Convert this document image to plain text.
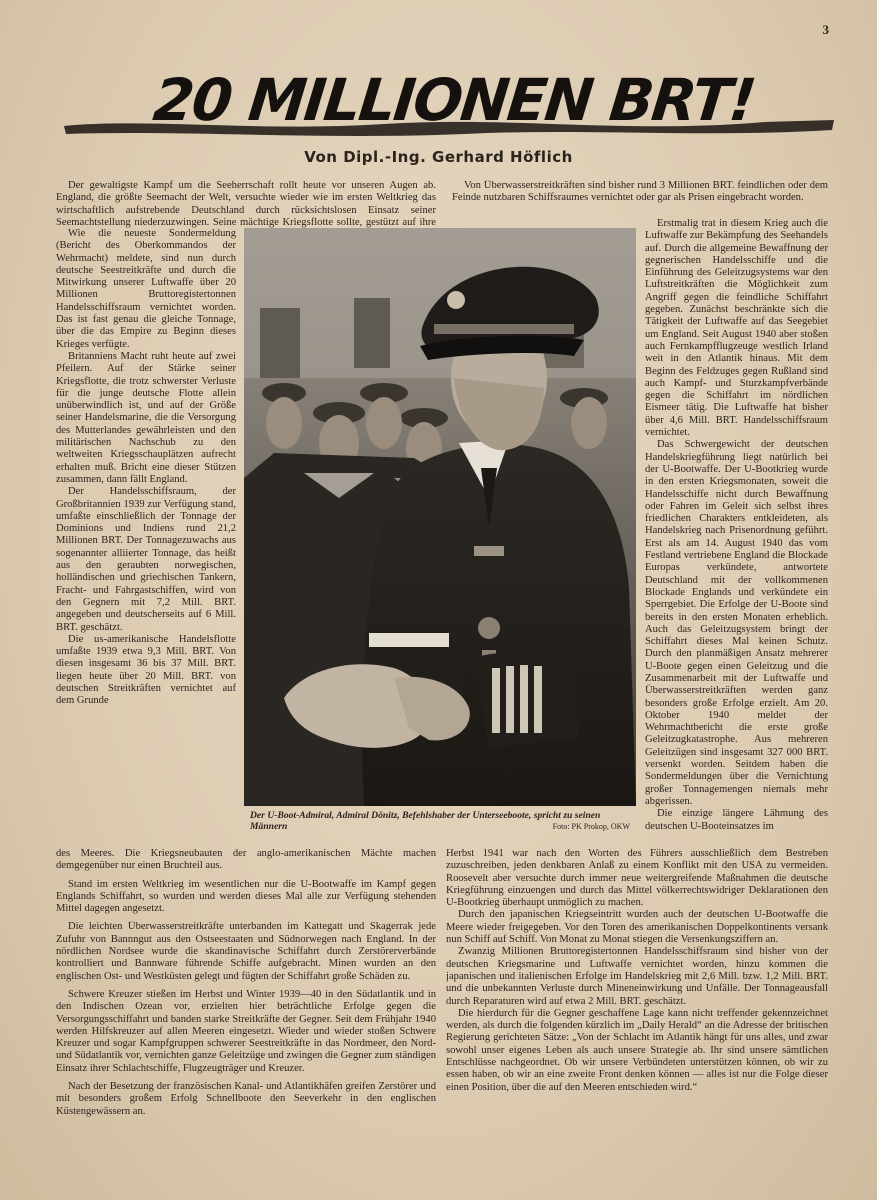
3
20 MILLIONEN BRT!
Von Dipl.-Ing. Gerhard Höflich

Der gewaltigste Kampf um die Seeherrschaft rollt heute vor unseren Augen ab. England, die größte Seemacht der Welt, versuchte wieder wie im ersten Weltkrieg das wirtschaftlich aufstrebende Deutschland durch rücksichtslosen Einsatz seiner Seemachtstellung niederzuzwingen. Seine mächtige Kriegsflotte sollte, gestützt auf ihre

Von Überwasserstreitkräften sind bisher rund 3 Millionen BRT. feindlichen oder dem Feinde nutzbaren Schiffsraumes vernichtet oder gar als Prisen eingebracht worden.

Wie die neueste Sondermeldung (Bericht des Oberkommandos der Wehrmacht) meldete, sind nun durch deutsche Seestreitkräfte und durch die Mitwirkung unserer Luftwaffe über 20 Millionen Bruttoregistertonnen Handelsschiffsraum vernichtet worden. Das ist fast genau die gleiche Tonnage, über die das Empire zu Beginn dieses Krieges verfügte.

Britanniens Macht ruht heute auf zwei Pfeilern. Auf der Stärke seiner Kriegsflotte, die trotz schwerster Verluste für die junge deutsche Flotte allein unüberwindlich ist, und auf der Größe seiner Handelsmarine, die die Versorgung des Mutterlandes gewährleisten und den militärischen Nachschub zu den weltweiten Kriegsschauplätzen aufrecht erhalten muß. Bricht eine dieser Stützen zusammen, dann fällt England.

Der Handelsschiffsraum, der Großbritannien 1939 zur Verfügung stand, umfaßte einschließlich der Tonnage der Dominions und Indiens rund 21,2 Millionen BRT. Der Tonnagezuwachs aus sogenannter alliierter Tonnage, das heißt aus den geraubten norwegischen, holländischen und griechischen Tankern, Fracht- und Fahrgastschiffen, wird von den Gegnern mit 7,2 Mill. BRT. angegeben und deutscherseits auf 6 Mill. BRT. geschätzt.

Die us-amerikanische Handelsflotte umfaßte 1939 etwa 9,3 Mill. BRT. Von diesen insgesamt 36 bis 37 Mill. BRT. liegen heute über 20 Mill. BRT. von deutschen Streitkräften vernichtet auf dem Grunde

Der U-Boot-Admiral, Admiral Dönitz, Befehlshaber der Unterseeboote, spricht zu seinen Männern	Foto: PK Prokop, OKW

Erstmalig trat in diesem Krieg auch die Luftwaffe zur Bekämpfung des Seehandels auf. Durch die allgemeine Bewaffnung der gegnerischen Handelsschiffe und die Einführung des Geleitzugsystems war den Luftstreitkräften die Möglichkeit zum Angriff gegen die feindliche Schiffahrt gegeben. Zunächst beschränkte sich die Tätigkeit der Luftwaffe auf das Seegebiet um England. Seit August 1940 aber stoßen auch Fernkampfflugzeuge westlich Irland weit in den Atlantik hinaus. Mit dem Beginn des Feldzuges gegen Rußland sind auch Kampf- und Sturzkampfverbände gegen die Schiffahrt im nördlichen Eismeer tätig. Die Luftwaffe hat bisher über 4,6 Mill. BRT. Handelsschiffsraum vernichtet.

Das Schwergewicht der deutschen Handelskriegführung liegt natürlich bei der U-Bootwaffe. Der U-Bootkrieg wurde in den ersten Kriegsmonaten, soweit die Handelsschiffe nicht durch Bewaffnung oder Fahren im Geleit sich selbst ihres friedlichen Charakters entkleideten, als Handelskrieg nach Prisenordnung geführt. Erst als am 14. August 1940 das vom Festland vertriebene England die Blockade Europas verkündete, antwortete Deutschland mit der vollkommenen Blockade Englands und verkündete ein Sperrgebiet. Die Erfolge der U-Boote sind bereits in den ersten Monaten erheblich. Auch das Geleitzugsystem bringt der Schiffahrt dieses Mal keinen Schutz. Durch den planmäßigen Ansatz mehrerer U-Boote gegen einen Geleitzug und die Zusammenarbeit mit der Luftwaffe und Überwasserstreitkräften werden ganz besonders große Erfolge erzielt. Am 20. Oktober 1940 meldet der Wehrmachtbericht die erste große Geleitzugkatastrophe. Aus mehreren Geleitzügen sind insgesamt 327 000 BRT. versenkt worden. Seitdem haben die Sondermeldungen über die Vernichtung großer Tonnagemengen niemals mehr abgerissen.

Die einzige längere Lähmung des deutschen U-Booteinsatzes im

des Meeres. Die Kriegsneubauten der anglo-amerikanischen Mächte machen demgegenüber nur einen Bruchteil aus.

Stand im ersten Weltkrieg im wesentlichen nur die U-Bootwaffe im Kampf gegen Englands Schiffahrt, so wurden und werden dieses Mal alle zur Verfügung stehenden Mittel dagegen angesetzt.

Die leichten Überwasserstreitkräfte unterbanden im Kattegatt und Skagerrak jede Zufuhr von Bannngut aus den Ostseestaaten und Südnorwegen nach England. In der nördlichen Nordsee wurde die skandinavische Schiffahrt durch Zerstörerverbände kontrolliert und Bannware führende Schiffe aufgebracht. Minen wurden an den englischen Ost- und Westküsten gelegt und fügten der Schiffahrt große Schäden zu.

Schwere Kreuzer stießen im Herbst und Winter 1939—40 in den Südatlantik und in den Indischen Ozean vor, erzielten hier beträchtliche Erfolge gegen die Versorgungsschiffahrt und banden starke Streitkräfte der Gegner. Seit dem Frühjahr 1940 werden Hilfskreuzer auf allen Meeren eingesetzt. Wieder und wieder stoßen Schwere Kreuzer und sogar Kampfgruppen schwerer Seestreitkräfte in das Nordmeer, den Nord- und Südatlantik vor, vernichten ganze Geleitzüge und zwingen die Gegner zum ständigen Einsatz ihrer Schlachtschiffe, Flugzeugträger und Kreuzer.

Nach der Besetzung der französischen Kanal- und Atlantikhäfen greifen Zerstörer und mit besonders großem Erfolg Schnellboote den Seeverkehr in den englischen Küstengewässern an.

Herbst 1941 war nach den Worten des Führers ausschließlich dem Bestreben zuzuschreiben, jeden denkbaren Anlaß zu einem Konflikt mit den USA zu vermeiden. Roosevelt aber versuchte durch immer neue weitergreifende Maßnahmen die deutsche Kriegführung einzuengen und durch das Mittel völkerrechtswidriger Deklarationen den U-Bootkrieg überhaupt unmöglich zu machen.

Durch den japanischen Kriegseintritt wurden auch der deutschen U-Bootwaffe die Meere wieder freigegeben. Vor den Toren des amerikanischen Doppelkontinents versank nun Schiff auf Schiff. Von Monat zu Monat stiegen die Versenkungsziffern an.

Zwanzig Millionen Bruttoregistertonnen Handelsschiffsraum sind bisher von der deutschen Kriegsmarine und Luftwaffe vernichtet worden, hinzu kommen die japanischen und italienischen Erfolge im Handelskrieg mit 2,6 Mill. bzw. 1,2 Mill. BRT. und die unbekannten Verluste durch Mineneinwirkung und Unfälle. Der Tonnageausfall durch Reparaturen wird auf etwa 2 Mill. BRT. geschätzt.

Die hierdurch für die Gegner geschaffene Lage kann nicht treffender gekennzeichnet werden, als durch die folgenden kürzlich im „Daily Herald“ an die Adresse der britischen Regierung gerichteten Sätze: „Von der Schlacht im Atlantik hängt für uns alles, und zwar sowohl unser eigenes Leben als auch unsere Strategie ab. Ihr sind unsere sämtlichen Entschlüsse nachgeordnet. Ob wir unsere Verbündeten unterstützen können, ob wir zu essen haben, ob wir an eine zweite Front denken können — alles ist nur die Folge dieser einen Position, über die auf den Meeren entschieden wird.“
